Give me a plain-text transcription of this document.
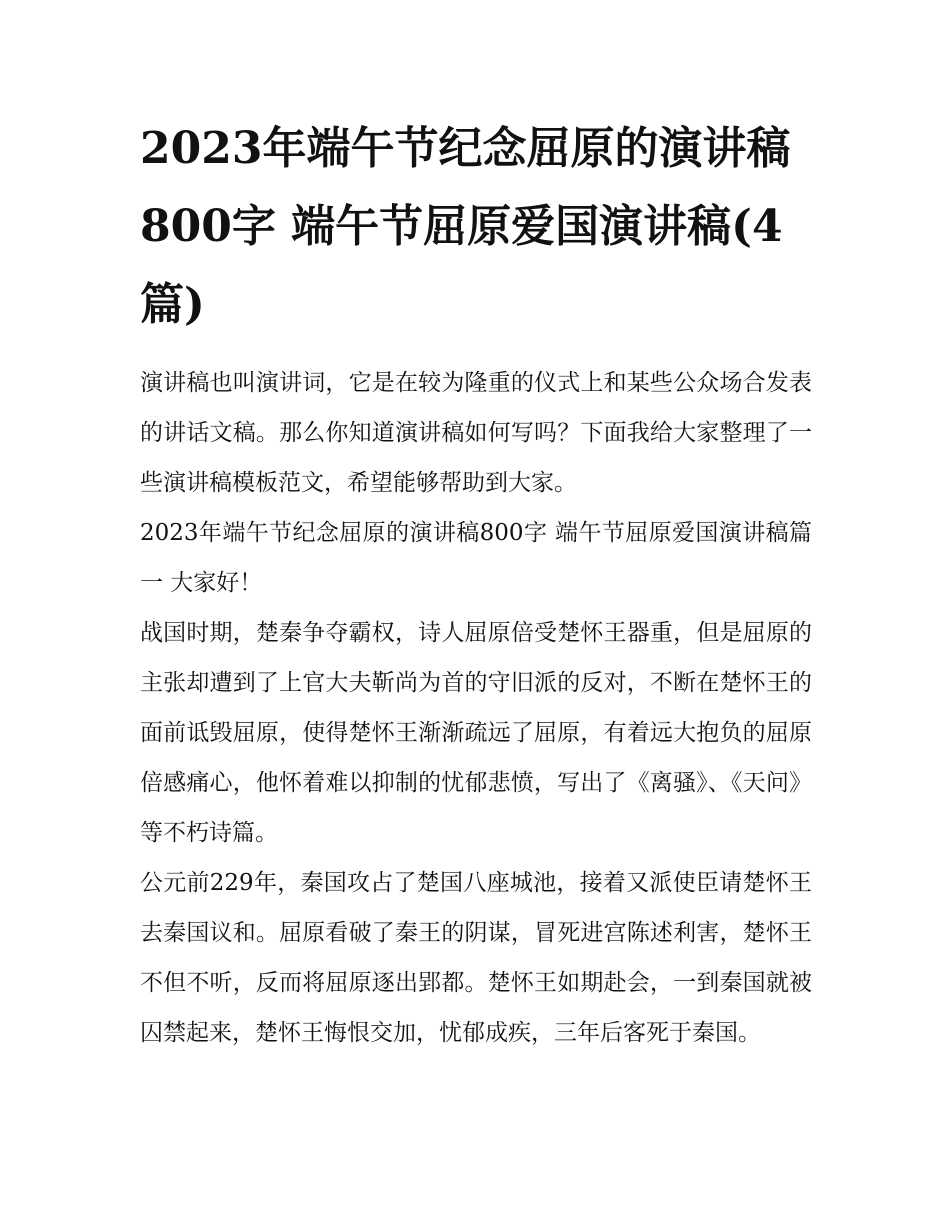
2023年端午节纪念屈原的演讲稿800字 端午节屈原爱国演讲稿(4篇)

演讲稿也叫演讲词，它是在较为隆重的仪式上和某些公众场合发表的讲话文稿。那么你知道演讲稿如何写吗？下面我给大家整理了一些演讲稿模板范文，希望能够帮助到大家。

2023年端午节纪念屈原的演讲稿800字 端午节屈原爱国演讲稿篇一 大家好！

战国时期，楚秦争夺霸权，诗人屈原倍受楚怀王器重，但是屈原的主张却遭到了上官大夫靳尚为首的守旧派的反对，不断在楚怀王的面前诋毁屈原，使得楚怀王渐渐疏远了屈原，有着远大抱负的屈原倍感痛心，他怀着难以抑制的忧郁悲愤，写出了《离骚》、《天问》等不朽诗篇。

公元前229年，秦国攻占了楚国八座城池，接着又派使臣请楚怀王去秦国议和。屈原看破了秦王的阴谋，冒死进宫陈述利害，楚怀王不但不听，反而将屈原逐出郢都。楚怀王如期赴会，一到秦国就被囚禁起来，楚怀王悔恨交加，忧郁成疾，三年后客死于秦国。
